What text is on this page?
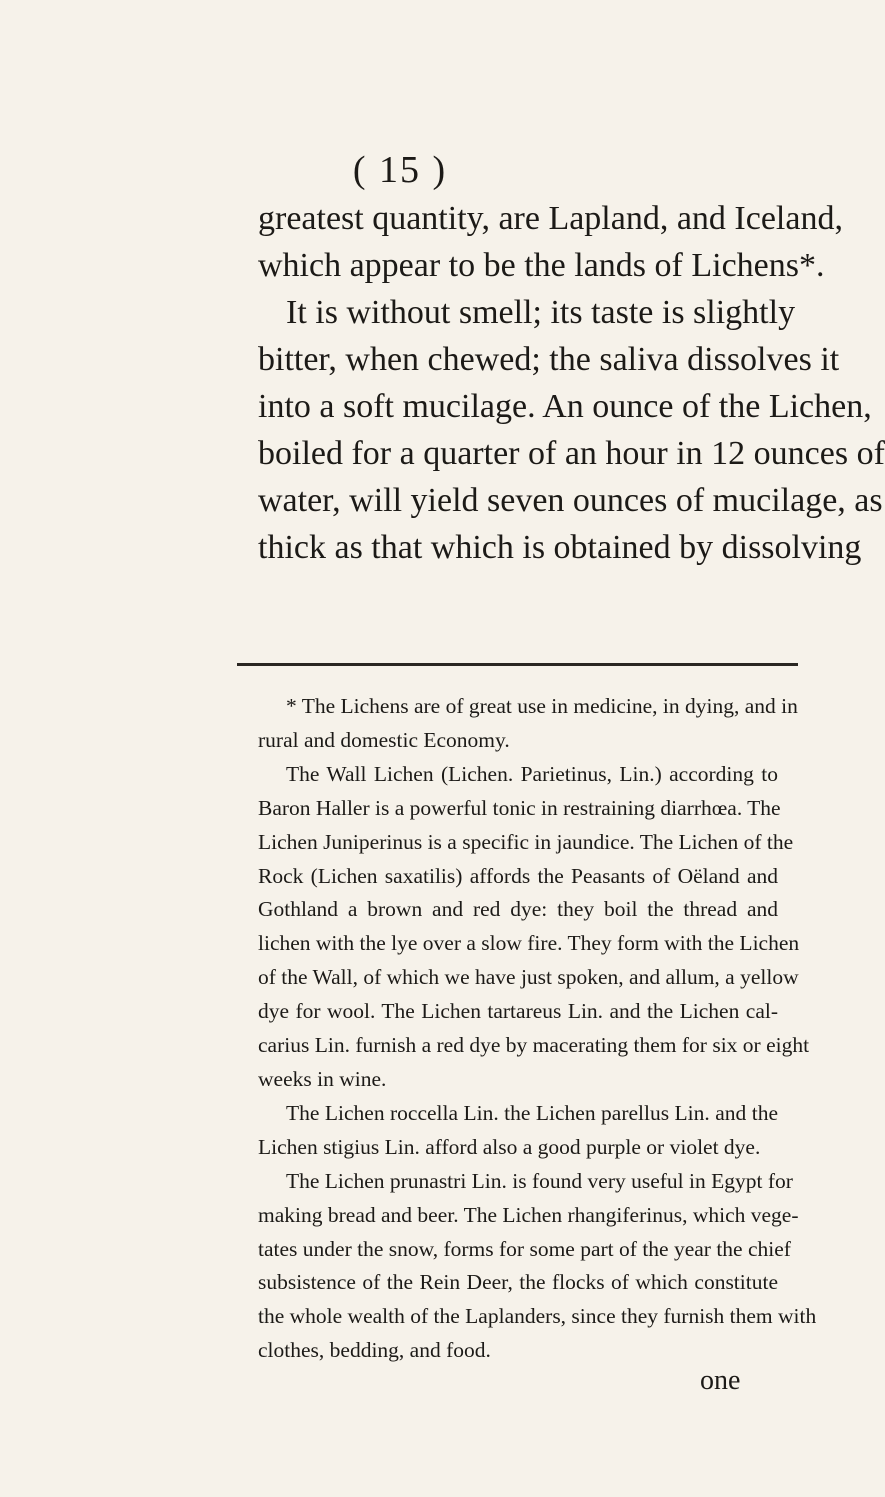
( 15 )
greatest quantity, are Lapland, and Iceland,
which appear to be the lands of Lichens*.
It is without smell; its taste is slightly
bitter, when chewed; the saliva dissolves it
into a soft mucilage. An ounce of the Lichen,
boiled for a quarter of an hour in 12 ounces of
water, will yield seven ounces of mucilage, as
thick as that which is obtained by dissolving
* The Lichens are of great use in medicine, in dying, and in
rural and domestic Economy.
The Wall Lichen (Lichen. Parietinus, Lin.) according to
Baron Haller is a powerful tonic in restraining diarrhœa. The
Lichen Juniperinus is a specific in jaundice. The Lichen of the
Rock (Lichen saxatilis) affords the Peasants of Oëland and
Gothland a brown and red dye: they boil the thread and
lichen with the lye over a slow fire. They form with the Lichen
of the Wall, of which we have just spoken, and allum, a yellow
dye for wool. The Lichen tartareus Lin. and the Lichen cal-
carius Lin. furnish a red dye by macerating them for six or eight
weeks in wine.
The Lichen roccella Lin. the Lichen parellus Lin. and the
Lichen stigius Lin. afford also a good purple or violet dye.
The Lichen prunastri Lin. is found very useful in Egypt for
making bread and beer. The Lichen rhangiferinus, which vege-
tates under the snow, forms for some part of the year the chief
subsistence of the Rein Deer, the flocks of which constitute
the whole wealth of the Laplanders, since they furnish them with
clothes, bedding, and food.
one
